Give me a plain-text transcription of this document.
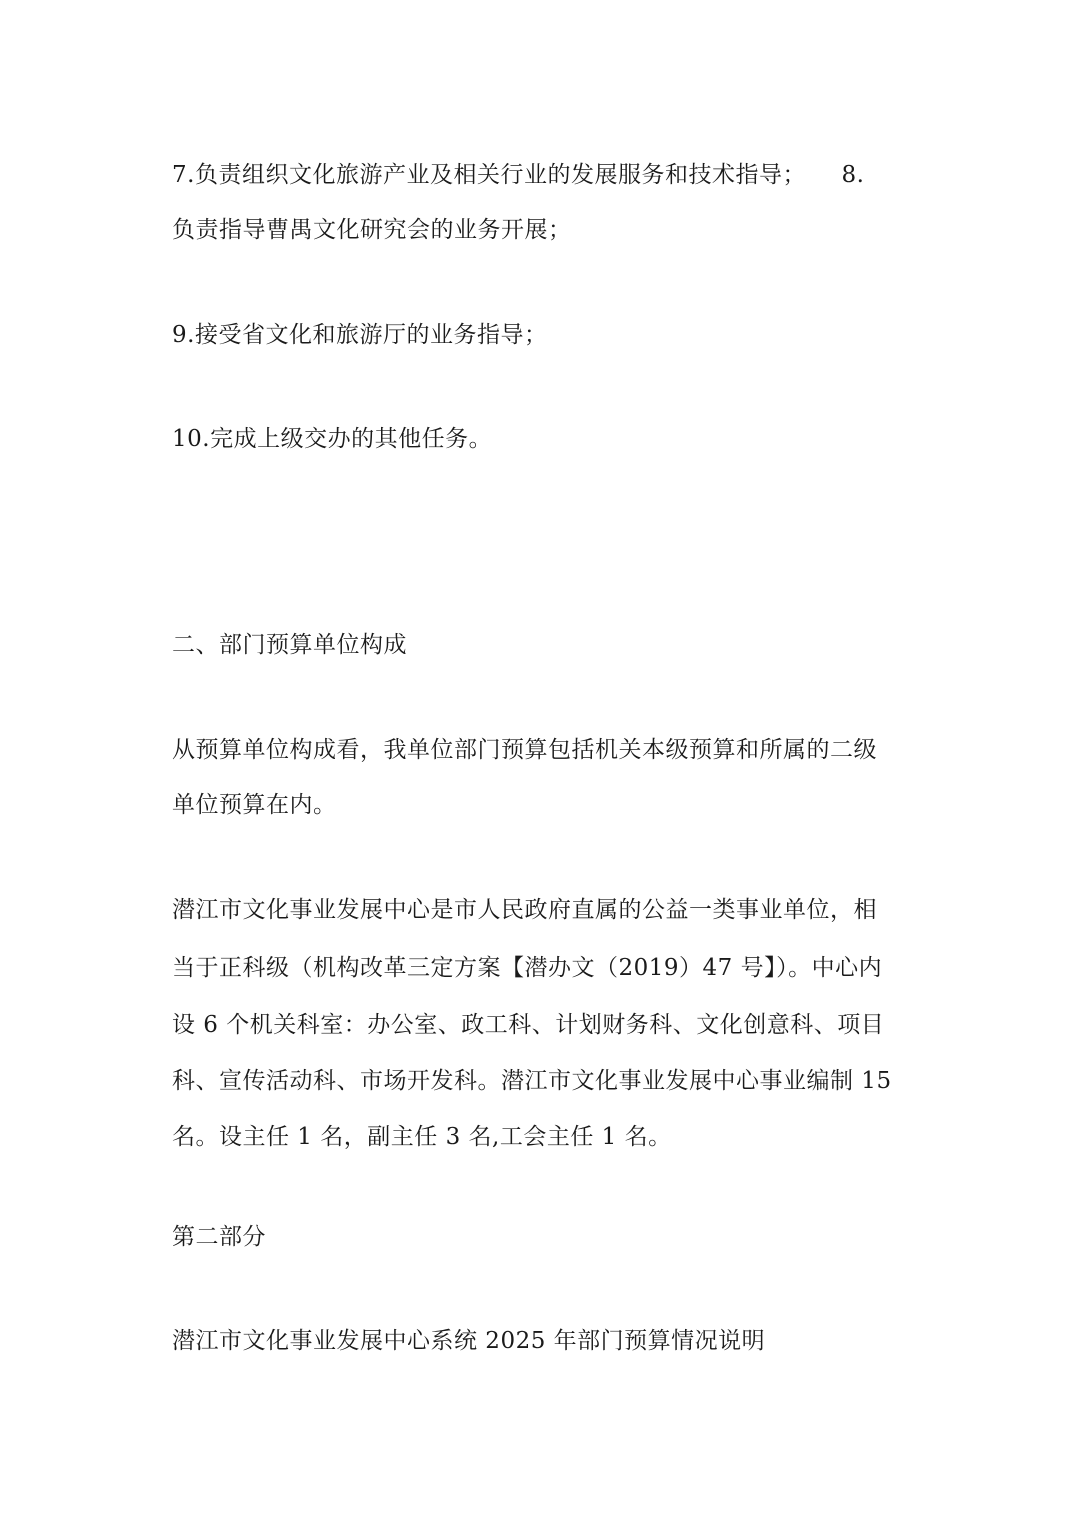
7.负责组织文化旅游产业及相关行业的发展服务和技术指导；　　8.
负责指导曹禺文化研究会的业务开展；
9.接受省文化和旅游厅的业务指导；
10.完成上级交办的其他任务。
二、部门预算单位构成
从预算单位构成看，我单位部门预算包括机关本级预算和所属的二级
单位预算在内。
潜江市文化事业发展中心是市人民政府直属的公益一类事业单位，相
当于正科级（机构改革三定方案【潜办文（2019）47 号】）。中心内
设 6 个机关科室：办公室、政工科、计划财务科、文化创意科、项目
科、宣传活动科、市场开发科。潜江市文化事业发展中心事业编制 15
名。设主任 1 名，副主任 3 名,工会主任 1 名。
第二部分
潜江市文化事业发展中心系统 2025 年部门预算情况说明
